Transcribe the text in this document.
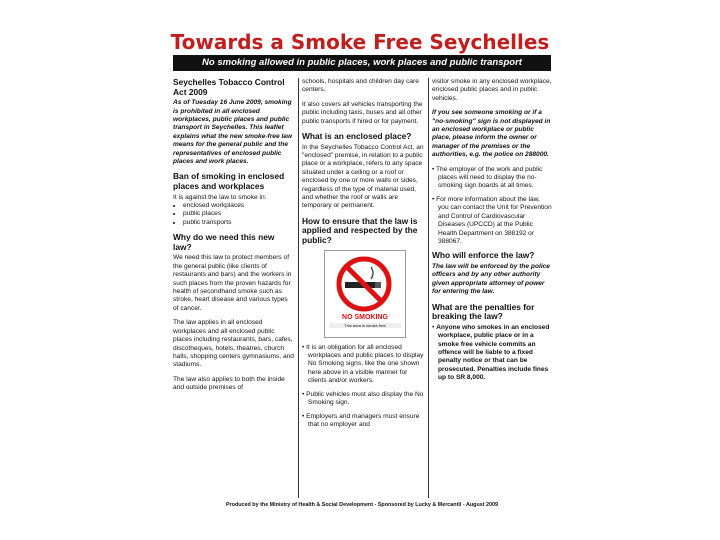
Towards a Smoke Free Seychelles
No smoking allowed in public places, work places and public transport
Seychelles Tobacco Control Act 2009

As of Tuesday 16 June 2009, smoking is prohibited in all enclosed workplaces, public places and public transport in Seychelles. This leaflet explains what the new smoke-free law means for the general public and the representatives of enclosed public places and work places.

Ban of smoking in enclosed places and workplaces
It is against the law to smoke in:
• enclosed workplaces
• public places
• public transports
Why do we need this new law?

We need this law to protect members of the general public (like clients of restaurants and bars) and the workers in such places from the proven hazards for health of secondhand smoke such as stroke, heart disease and various types of cancer.

The law applies in all enclosed workplaces and all enclosed public places including restaurants, bars, cafes, discotheques, hotels, theatres, church halls, shopping centers gymnasiums, and stadiums.

The law also applies to both the inside and outside premises of

schools, hospitals and children day care centers.

It also covers all vehicles transporting the public including taxis, buses and all other public transports if hired or for payment.

What is an enclosed place?

In the Seychelles Tobacco Control Act, an "enclosed" premise, in relation to a public place or a workplace, refers to any space situated under a ceiling or a roof or enclosed by one or more walls or sides, regardless of the type of material used, and whether the roof or walls are temporary or permanent.

How to ensure that the law is applied and respected by the public?
NO SMOKING
This area is smoke free
• It is an obligation for all enclosed workplaces and public places to display No Smoking signs, like the one shown here above in a visible manner for clients and/or workers.
• Public vehicles must also display the No Smoking sign.
• Employers and managers must ensure that no employer and

visitor smoke in any enclosed workplace, enclosed public places and in public vehicles.

If you see someone smoking or if a "no-smoking" sign is not displayed in an enclosed workplace or public place, please inform the owner or manager of the premises or the authorities, e.g. the police on 288000.

• The employer of the work and public places will need to display the no-smoking sign boards at all times.
• For more information about the law, you can contact the Unit for Prevention and Control of Cardiovascular Diseases (UPCCD) at the Public Health Department on 388192 or 388067.
Who will enforce the law?

The law will be enforced by the police officers and by any other authority given appropriate attorney of power for entering the law.

What are the penalties for breaking the law?
• Anyone who smokes in an enclosed workplace, public place or in a smoke free vehicle commits an offence will be liable to a fixed penalty notice or that can be prosecuted. Penalties include fines up to SR 8,000.
Produced by the Ministry of Health & Social Development - Sponsored by Lucky & Mercantil - August 2009
